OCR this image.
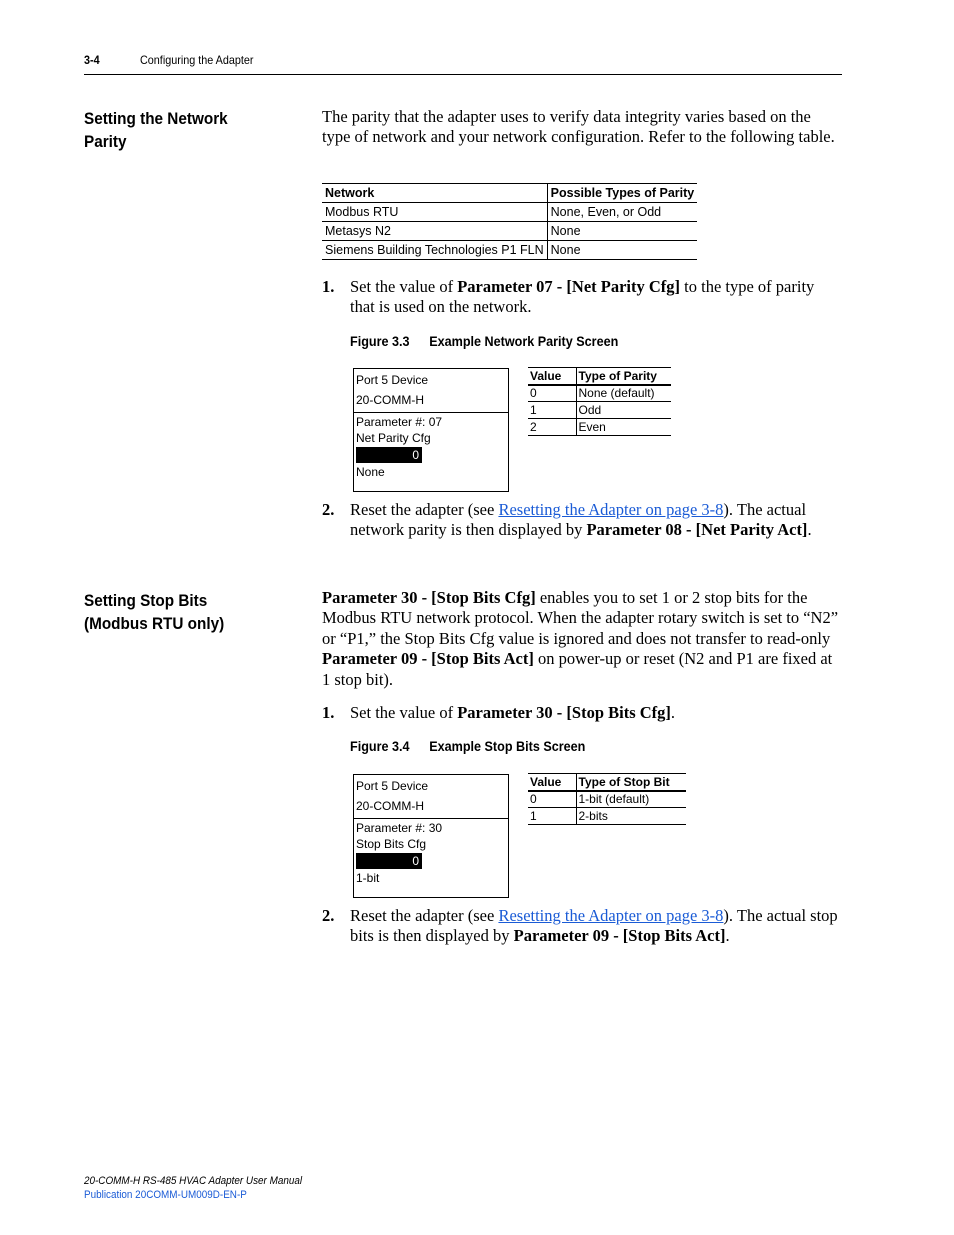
3-4	Configuring the Adapter
Setting the Network Parity
The parity that the adapter uses to verify data integrity varies based on the type of network and your network configuration. Refer to the following table.
Network	Possible Types of Parity
Modbus RTU	None, Even, or Odd
Metasys N2	None
Siemens Building Technologies P1 FLN	None
1. Set the value of Parameter 07 - [Net Parity Cfg] to the type of parity that is used on the network.
Figure 3.3 Example Network Parity Screen
Port 5 Device
20-COMM-H
Parameter #: 07
Net Parity Cfg
0
None
Value	Type of Parity
0	None (default)
1	Odd
2	Even
2. Reset the adapter (see Resetting the Adapter on page 3-8). The actual network parity is then displayed by Parameter 08 - [Net Parity Act].
Setting Stop Bits (Modbus RTU only)
Parameter 30 - [Stop Bits Cfg] enables you to set 1 or 2 stop bits for the Modbus RTU network protocol. When the adapter rotary switch is set to “N2” or “P1,” the Stop Bits Cfg value is ignored and does not transfer to read-only Parameter 09 - [Stop Bits Act] on power-up or reset (N2 and P1 are fixed at 1 stop bit).
1. Set the value of Parameter 30 - [Stop Bits Cfg].
Figure 3.4 Example Stop Bits Screen
Port 5 Device
20-COMM-H
Parameter #: 30
Stop Bits Cfg
0
1-bit
Value	Type of Stop Bit
0	1-bit (default)
1	2-bits
2. Reset the adapter (see Resetting the Adapter on page 3-8). The actual stop bits is then displayed by Parameter 09 - [Stop Bits Act].
20-COMM-H RS-485 HVAC Adapter User Manual
Publication 20COMM-UM009D-EN-P
